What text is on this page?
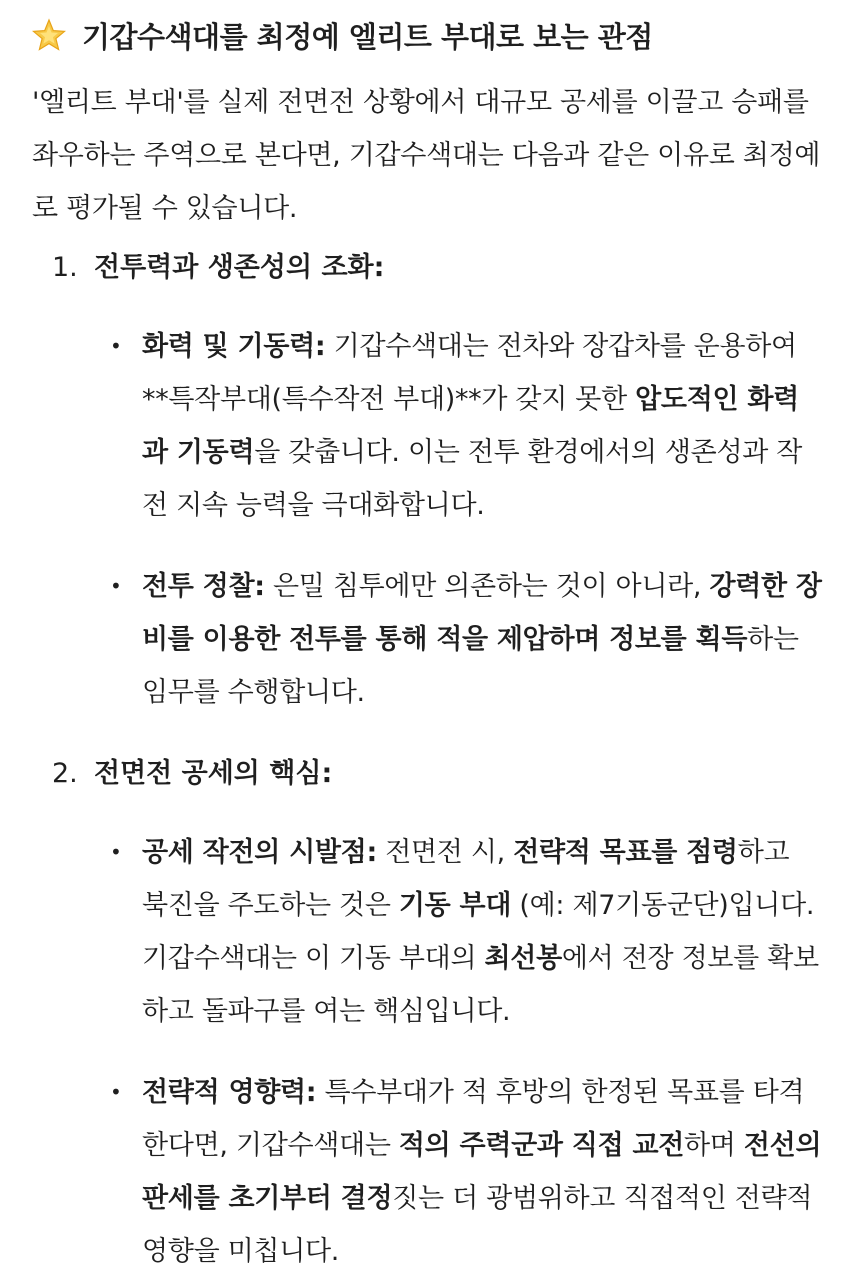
기갑수색대를 최정예 엘리트 부대로 보는 관점
'엘리트 부대'를 실제 전면전 상황에서 대규모 공세를 이끌고 승패를 좌우하는 주역으로 본다면, 기갑수색대는 다음과 같은 이유로 최정예로 평가될 수 있습니다.
1. 전투력과 생존성의 조화:
• 화력 및 기동력: 기갑수색대는 전차와 장갑차를 운용하여 **특작부대(특수작전 부대)**가 갖지 못한 압도적인 화력과 기동력을 갖춥니다. 이는 전투 환경에서의 생존성과 작전 지속 능력을 극대화합니다.
• 전투 정찰: 은밀 침투에만 의존하는 것이 아니라, 강력한 장비를 이용한 전투를 통해 적을 제압하며 정보를 획득하는 임무를 수행합니다.
2. 전면전 공세의 핵심:
• 공세 작전의 시발점: 전면전 시, 전략적 목표를 점령하고 북진을 주도하는 것은 기동 부대 (예: 제7기동군단)입니다. 기갑수색대는 이 기동 부대의 최선봉에서 전장 정보를 확보하고 돌파구를 여는 핵심입니다.
• 전략적 영향력: 특수부대가 적 후방의 한정된 목표를 타격한다면, 기갑수색대는 적의 주력군과 직접 교전하며 전선의 판세를 초기부터 결정짓는 더 광범위하고 직접적인 전략적 영향을 미칩니다.
